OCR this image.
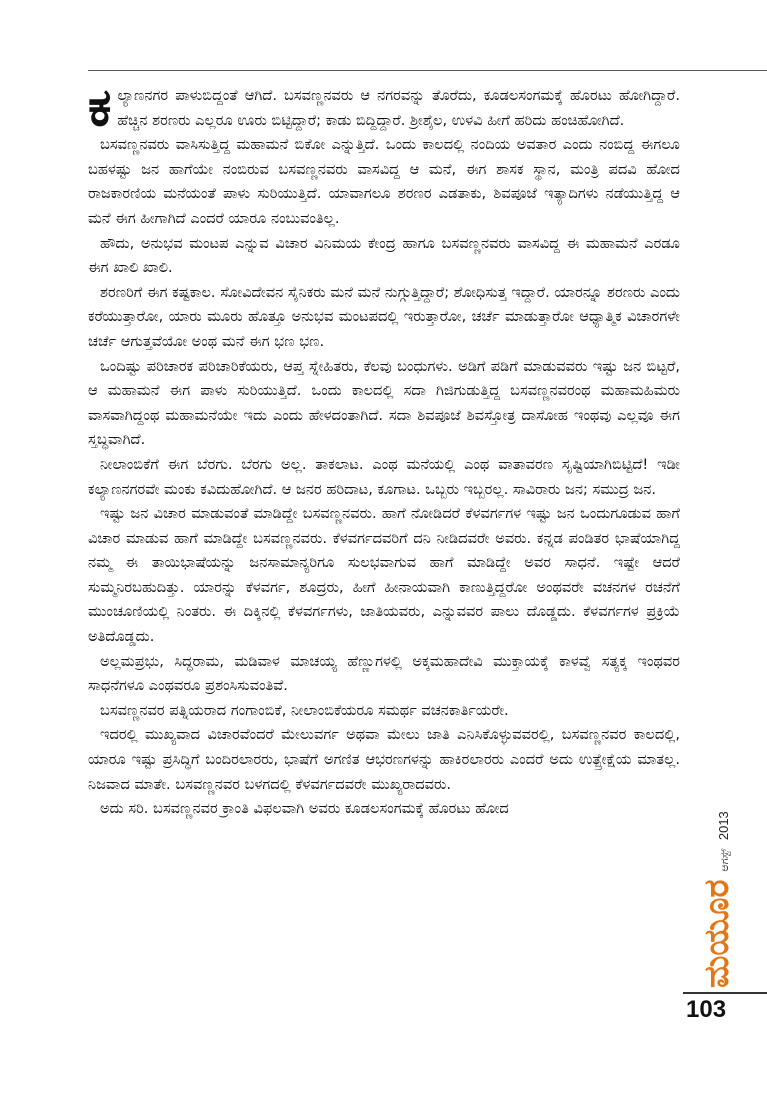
ಕಲ್ಯಾಣನಗರ ಪಾಳುಬಿದ್ದಂತೆ ಆಗಿದೆ. ಬಸವಣ್ಣನವರು ಆ ನಗರವನ್ನು ತೊರೆದು, ಕೂಡಲಸಂಗಮಕ್ಕೆ ಹೊರಟು ಹೋಗಿದ್ದಾರೆ. ಹೆಚ್ಚಿನ ಶರಣರು ಎಲ್ಲರೂ ಊರು ಬಿಟ್ಟಿದ್ದಾರೆ; ಕಾಡು ಬಿದ್ದಿದ್ದಾರೆ. ಶ್ರೀಶೈಲ, ಉಳವಿ ಹೀಗೆ ಹರಿದು ಹಂಚಿಹೋಗಿದೆ.

ಬಸವಣ್ಣನವರು ವಾಸಿಸುತ್ತಿದ್ದ ಮಹಾಮನೆ ಬಿಕೋ ಎನ್ನುತ್ತಿದೆ. ಒಂದು ಕಾಲದಲ್ಲಿ ನಂದಿಯ ಅವತಾರ ಎಂದು ನಂಬಿದ್ದ ಈಗಲೂ ಬಹಳಷ್ಟು ಜನ ಹಾಗೆಯೇ ನಂಬಿರುವ ಬಸವಣ್ಣನವರು ವಾಸವಿದ್ದ ಆ ಮನೆ, ಈಗ ಶಾಸಕ ಸ್ಥಾನ, ಮಂತ್ರಿ ಪದವಿ ಹೋದ ರಾಜಕಾರಣಿಯ ಮನೆಯಂತೆ ಪಾಳು ಸುರಿಯುತ್ತಿದೆ. ಯಾವಾಗಲೂ ಶರಣರ ಎಡತಾಕು, ಶಿವಪೂಜೆ ಇತ್ಯಾದಿಗಳು ನಡೆಯುತ್ತಿದ್ದ ಆ ಮನೆ ಈಗ ಹೀಗಾಗಿದೆ ಎಂದರೆ ಯಾರೂ ನಂಬುವಂತಿಲ್ಲ.

ಹೌದು, ಅನುಭವ ಮಂಟಪ ಎನ್ನುವ ವಿಚಾರ ವಿನಿಮಯ ಕೇಂದ್ರ ಹಾಗೂ ಬಸವಣ್ಣನವರು ವಾಸವಿದ್ದ ಈ ಮಹಾಮನೆ ಎರಡೂ ಈಗ ಖಾಲಿ ಖಾಲಿ.

ಶರಣರಿಗೆ ಈಗ ಕಷ್ಟಕಾಲ. ಸೋವಿದೇವನ ಸೈನಿಕರು ಮನೆ ಮನೆ ನುಗ್ಗುತ್ತಿದ್ದಾರೆ; ಶೋಧಿಸುತ್ತ ಇದ್ದಾರೆ. ಯಾರನ್ನೂ ಶರಣರು ಎಂದು ಕರೆಯುತ್ತಾರೋ, ಯಾರು ಮೂರು ಹೊತ್ತೂ ಅನುಭವ ಮಂಟಪದಲ್ಲಿ ಇರುತ್ತಾರೋ, ಚರ್ಚೆ ಮಾಡುತ್ತಾರೋ ಆಧ್ಯಾತ್ಮಿಕ ವಿಚಾರಗಳೇ ಚರ್ಚೆ ಆಗುತ್ತವೆಯೋ ಅಂಥ ಮನೆ ಈಗ ಭಣ ಭಣ.

ಒಂದಿಷ್ಟು ಪರಿಚಾರಕ ಪರಿಚಾರಿಕೆಯರು, ಆಪ್ತ ಸ್ನೇಹಿತರು, ಕೆಲವು ಬಂಧುಗಳು. ಅಡಿಗೆ ಪಡಿಗೆ ಮಾಡುವವರು ಇಷ್ಟು ಜನ ಬಿಟ್ಟರೆ, ಆ ಮಹಾಮನೆ ಈಗ ಪಾಳು ಸುರಿಯುತ್ತಿದೆ. ಒಂದು ಕಾಲದಲ್ಲಿ ಸದಾ ಗಿಜಿಗುಡುತ್ತಿದ್ದ ಬಸವಣ್ಣನವರಂಥ ಮಹಾಮಹಿಮರು ವಾಸವಾಗಿದ್ದಂಥ ಮಹಾಮನೆಯೇ ಇದು ಎಂದು ಹೇಳದಂತಾಗಿದೆ. ಸದಾ ಶಿವಪೂಜೆ ಶಿವಸ್ತೋತ್ರ ದಾಸೋಹ ಇಂಥವು ಎಲ್ಲವೂ ಈಗ ಸ್ತಬ್ಧವಾಗಿದೆ.

ನೀಲಾಂಬಿಕೆಗೆ ಈಗ ಬೆರಗು. ಬೆರಗು ಅಲ್ಲ. ತಾಕಲಾಟ. ಎಂಥ ಮನೆಯಲ್ಲಿ ಎಂಥ ವಾತಾವರಣ ಸೃಷ್ಟಿಯಾಗಿಬಿಟ್ಟಿದೆ! ಇಡೀ ಕಲ್ಯಾಣನಗರವೇ ಮಂಕು ಕವಿದುಹೋಗಿದೆ. ಆ ಜನರ ಹರಿದಾಟ, ಕೂಗಾಟ. ಒಬ್ಬರು ಇಬ್ಬರಲ್ಲ. ಸಾವಿರಾರು ಜನ; ಸಮುದ್ರ ಜನ.

ಇಷ್ಟು ಜನ ವಿಚಾರ ಮಾಡುವಂತೆ ಮಾಡಿದ್ದೇ ಬಸವಣ್ಣನವರು. ಹಾಗೆ ನೋಡಿದರೆ ಕೆಳವರ್ಗಗಳ ಇಷ್ಟು ಜನ ಒಂದುಗೂಡುವ ಹಾಗೆ ವಿಚಾರ ಮಾಡುವ ಹಾಗೆ ಮಾಡಿದ್ದೇ ಬಸವಣ್ಣನವರು. ಕೆಳವರ್ಗದವರಿಗೆ ದನಿ ನೀಡಿದವರೇ ಅವರು. ಕನ್ನಡ ಪಂಡಿತರ ಭಾಷೆಯಾಗಿದ್ದ ನಮ್ಮ ಈ ತಾಯಿಭಾಷೆಯನ್ನು ಜನಸಾಮಾನ್ಯರಿಗೂ ಸುಲಭವಾಗುವ ಹಾಗೆ ಮಾಡಿದ್ದೇ ಅವರ ಸಾಧನೆ. ಇಷ್ಟೇ ಆದರೆ ಸುಮ್ಮನಿರಬಹುದಿತ್ತು. ಯಾರನ್ನು ಕೆಳವರ್ಗ, ಶೂದ್ರರು, ಹೀಗೆ ಹೀನಾಯವಾಗಿ ಕಾಣುತ್ತಿದ್ದರೋ ಅಂಥವರೇ ವಚನಗಳ ರಚನೆಗೆ ಮುಂಚೂಣಿಯಲ್ಲಿ ನಿಂತರು. ಈ ದಿಕ್ಕಿನಲ್ಲಿ ಕೆಳವರ್ಗಗಳು, ಜಾತಿಯವರು, ಎನ್ನುವವರ ಪಾಲು ದೊಡ್ಡದು. ಕೆಳವರ್ಗಗಳ ಪ್ರಕ್ರಿಯೆ ಅತಿದೊಡ್ಡದು.

ಅಲ್ಲಮಪ್ರಭು, ಸಿದ್ಧರಾಮ, ಮಡಿವಾಳ ಮಾಚಯ್ಯ ಹೆಣ್ಣುಗಳಲ್ಲಿ ಅಕ್ಕಮಹಾದೇವಿ ಮುಕ್ತಾಯಕ್ಕೆ ಕಾಳವ್ವೆ ಸತ್ಯಕ್ಕ ಇಂಥವರ ಸಾಧನೆಗಳೂ ಎಂಥವರೂ ಪ್ರಶಂಸಿಸುವಂತಿವೆ.

ಬಸವಣ್ಣನವರ ಪತ್ನಿಯರಾದ ಗಂಗಾಂಬಿಕೆ, ನೀಲಾಂಬಿಕೆಯರೂ ಸಮರ್ಥ ವಚನಕಾರ್ತಿಯರೇ.

ಇದರಲ್ಲಿ ಮುಖ್ಯವಾದ ವಿಚಾರವೆಂದರೆ ಮೇಲುವರ್ಗ ಅಥವಾ ಮೇಲು ಜಾತಿ ಎನಿಸಿಕೊಳ್ಳುವವರಲ್ಲಿ, ಬಸವಣ್ಣನವರ ಕಾಲದಲ್ಲಿ, ಯಾರೂ ಇಷ್ಟು ಪ್ರಸಿದ್ಧಿಗೆ ಬಂದಿರಲಾರರು, ಭಾಷೆಗೆ ಅಗಣಿತ ಆಭರಣಗಳನ್ನು ಹಾಕಿರಲಾರರು ಎಂದರೆ ಅದು ಉತ್ಪ್ರೇಕ್ಷೆಯ ಮಾತಲ್ಲ. ನಿಜವಾದ ಮಾತೇ. ಬಸವಣ್ಣನವರ ಬಳಗದಲ್ಲಿ ಕೆಳವರ್ಗದವರೇ ಮುಖ್ಯರಾದವರು.

ಅದು ಸರಿ. ಬಸವಣ್ಣನವರ ಕ್ರಾಂತಿ ವಿಫಲವಾಗಿ ಅವರು ಕೂಡಲಸಂಗಮಕ್ಕೆ ಹೊರಟು ಹೋದ

ಮಯೂರ
ಆಗಸ್ಟ್
2013
103
